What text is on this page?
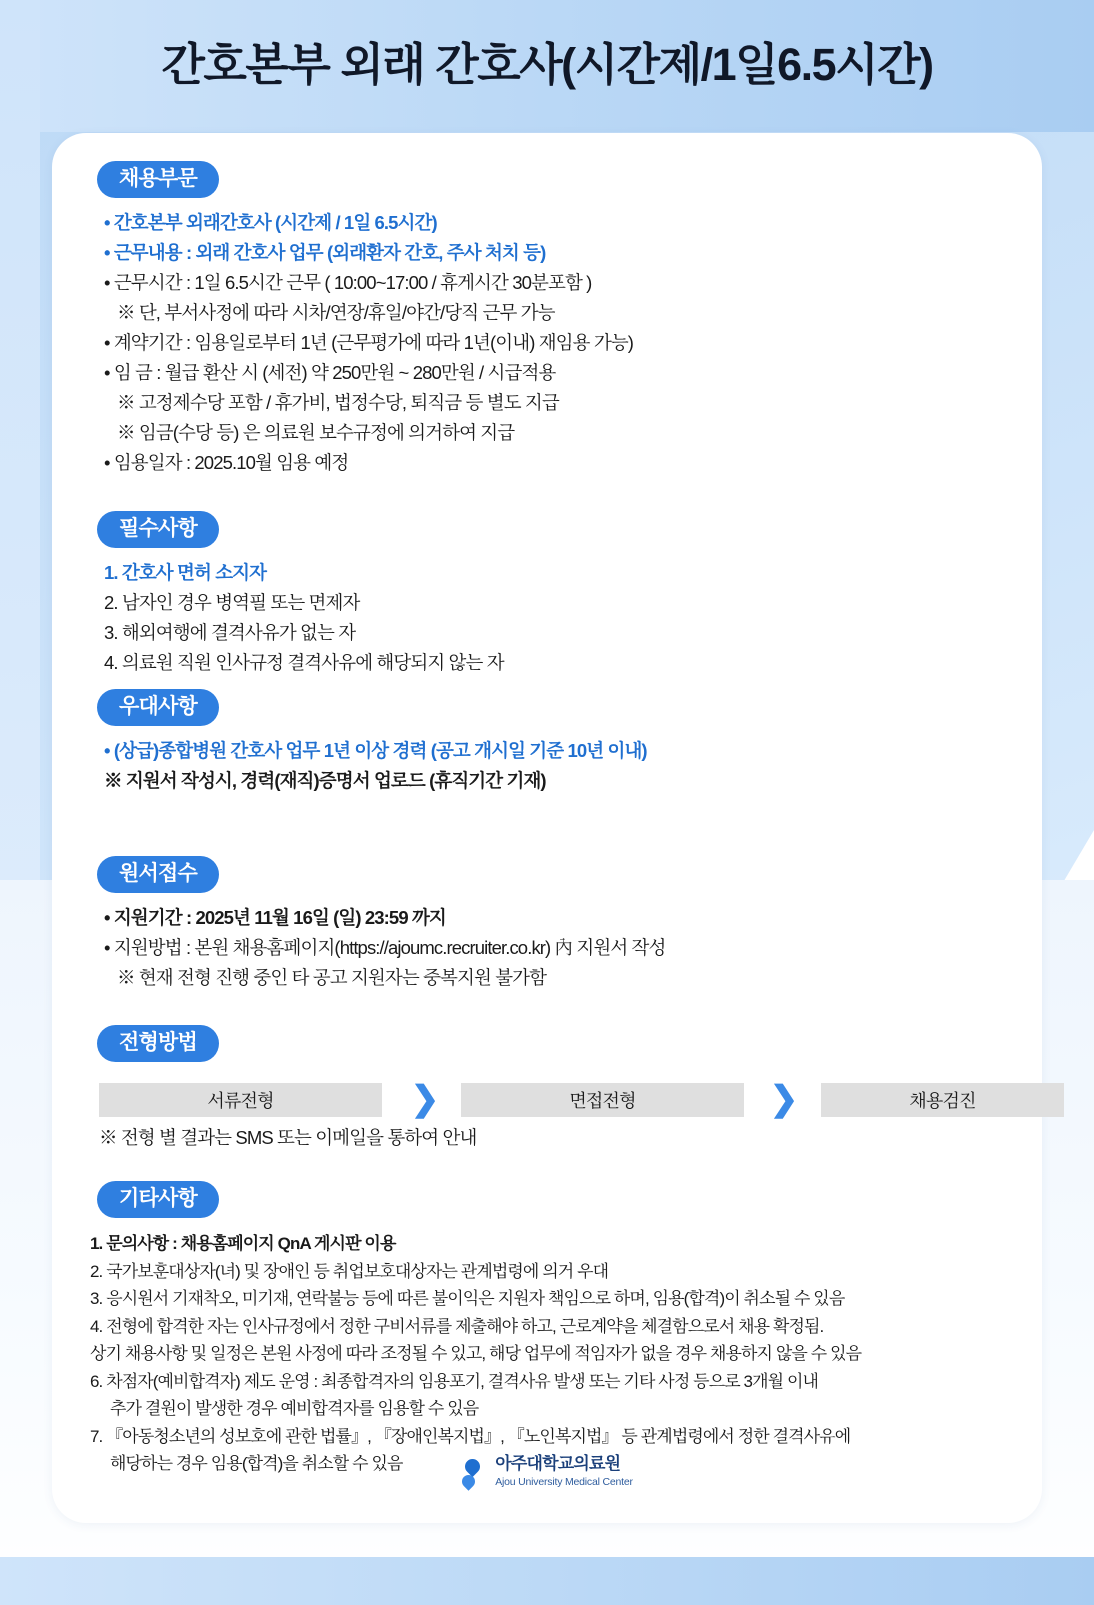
간호본부 외래 간호사(시간제/1일6.5시간)
채용부문
• 간호본부 외래간호사 (시간제 / 1일 6.5시간)
• 근무내용 : 외래 간호사 업무 (외래환자 간호, 주사 처치 등)
• 근무시간 : 1일 6.5시간 근무 ( 10:00~17:00 / 휴게시간 30분포함 )
※ 단, 부서사정에 따라 시차/연장/휴일/야간/당직 근무 가능
• 계약기간 : 임용일로부터 1년 (근무평가에 따라 1년(이내) 재임용 가능)
• 임 금 : 월급 환산 시 (세전) 약 250만원 ~ 280만원 / 시급적용
※ 고정제수당 포함 / 휴가비, 법정수당, 퇴직금 등 별도 지급
※ 임금(수당 등) 은 의료원 보수규정에 의거하여 지급
• 임용일자 : 2025.10월 임용 예정
필수사항
1. 간호사 면허 소지자
2. 남자인 경우 병역필 또는 면제자
3. 해외여행에 결격사유가 없는 자
4. 의료원 직원 인사규정 결격사유에 해당되지 않는 자
우대사항
• (상급)종합병원 간호사 업무 1년 이상 경력 (공고 개시일 기준 10년 이내)
※ 지원서 작성시, 경력(재직)증명서 업로드 (휴직기간 기재)
원서접수
• 지원기간 : 2025년 11월 16일 (일) 23:59 까지
• 지원방법 : 본원 채용홈페이지(https://ajoumc.recruiter.co.kr) 內 지원서 작성
※ 현재 전형 진행 중인 타 공고 지원자는 중복지원 불가함
전형방법
서류전형	❯	면접전형	❯	채용검진
※ 전형 별 결과는 SMS 또는 이메일을 통하여 안내
기타사항
1. 문의사항 : 채용홈페이지 QnA 게시판 이용
2. 국가보훈대상자(녀) 및 장애인 등 취업보호대상자는 관계법령에 의거 우대
3. 응시원서 기재착오, 미기재, 연락불능 등에 따른 불이익은 지원자 책임으로 하며, 임용(합격)이 취소될 수 있음
4. 전형에 합격한 자는 인사규정에서 정한 구비서류를 제출해야 하고, 근로계약을 체결함으로서 채용 확정됨.
상기 채용사항 및 일정은 본원 사정에 따라 조정될 수 있고, 해당 업무에 적임자가 없을 경우 채용하지 않을 수 있음
6. 차점자(예비합격자) 제도 운영 : 최종합격자의 임용포기, 결격사유 발생 또는 기타 사정 등으로 3개월 이내
추가 결원이 발생한 경우 예비합격자를 임용할 수 있음
7. 『아동청소년의 성보호에 관한 법률』, 『장애인복지법』, 『노인복지법』 등 관계법령에서 정한 결격사유에
해당하는 경우 임용(합격)을 취소할 수 있음	아주대학교의료원
Ajou University Medical Center
